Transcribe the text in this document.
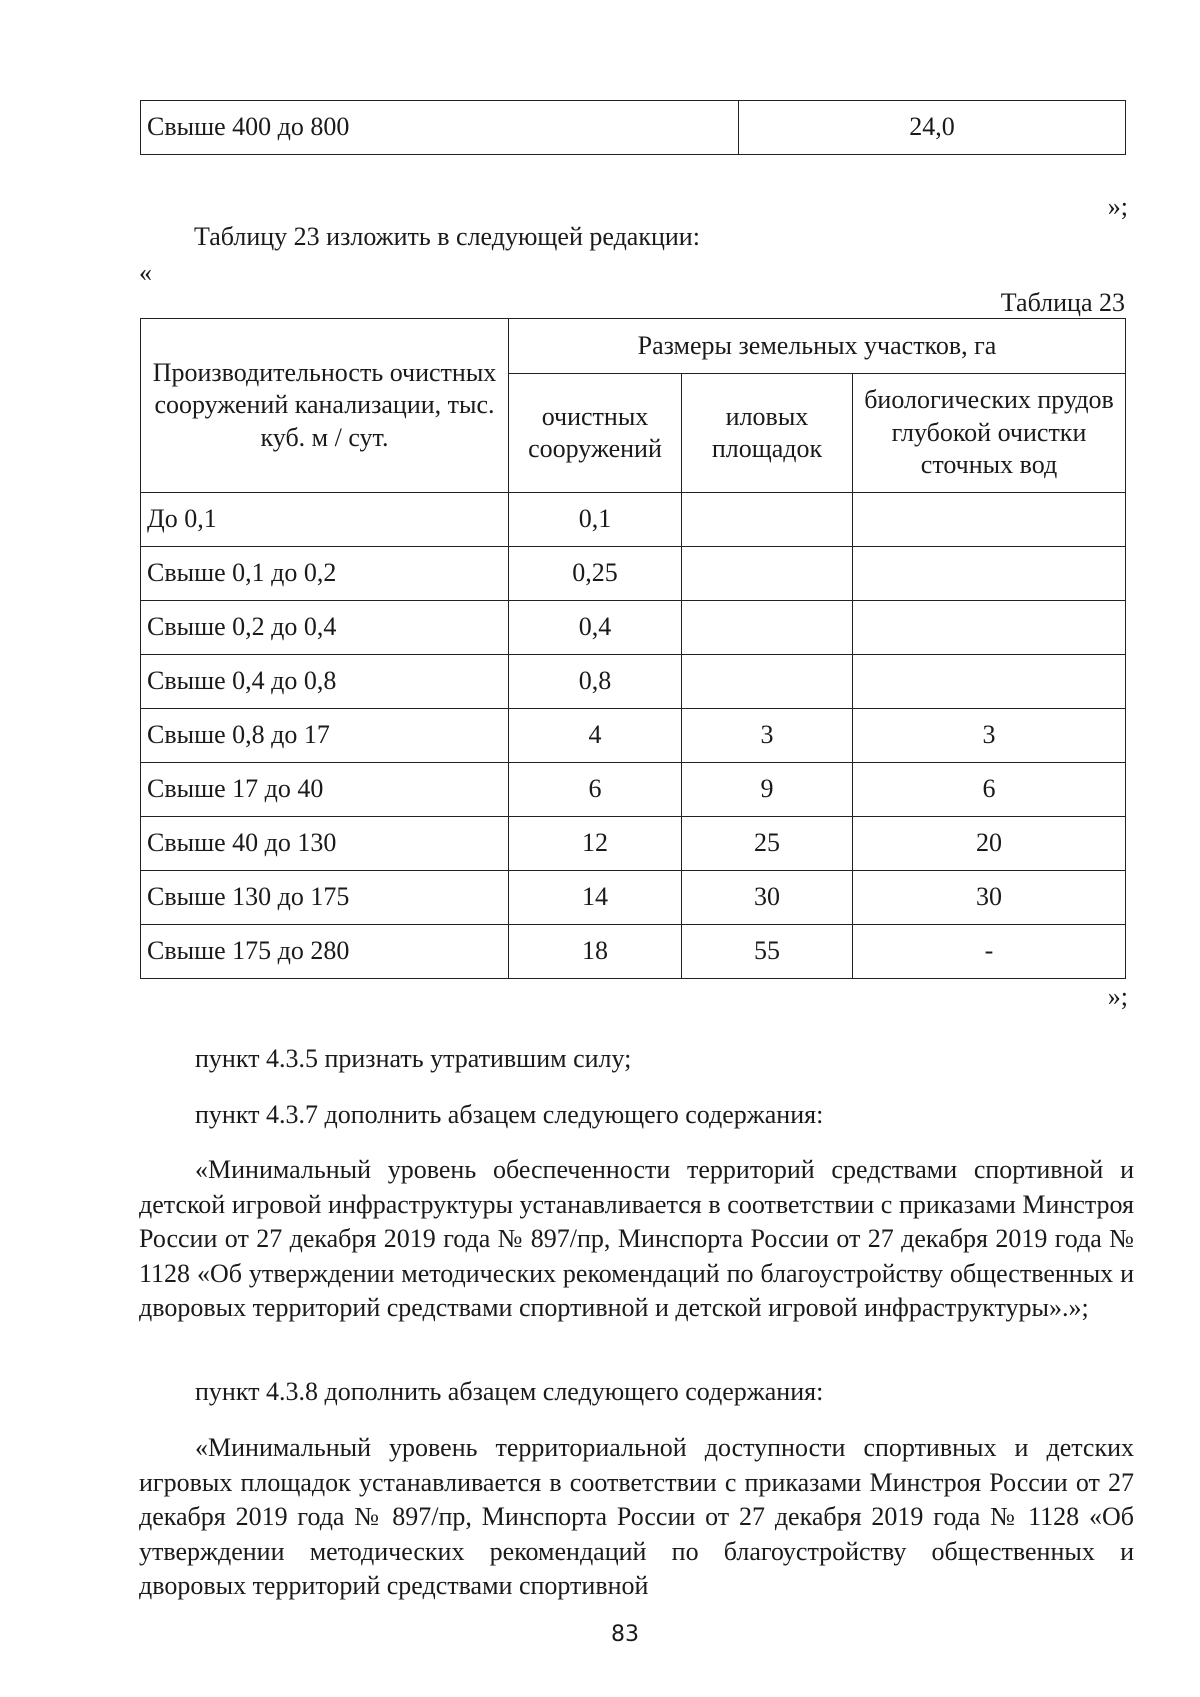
Свыше 400 до 800	24,0
»;
Таблицу 23 изложить в следующей редакции:
«
Таблица 23
Производительность очистных сооружений канализации, тыс. куб. м / сут.	Размеры земельных участков, га		
	очистных сооружений	иловых площадок	биологических прудов глубокой очистки сточных вод
До 0,1	0,1		
Свыше 0,1 до 0,2	0,25		
Свыше 0,2 до 0,4	0,4		
Свыше 0,4 до 0,8	0,8		
Свыше 0,8 до 17	4	3	3
Свыше 17 до 40	6	9	6
Свыше 40 до 130	12	25	20
Свыше 130 до 175	14	30	30
Свыше 175 до 280	18	55	-
»;

пункт 4.3.5 признать утратившим силу;

пункт 4.3.7 дополнить абзацем следующего содержания:

«Минимальный уровень обеспеченности территорий средствами спортивной и детской игровой инфраструктуры устанавливается в соответствии с приказами Минстроя России от 27 декабря 2019 года № 897/пр, Минспорта России от 27 декабря 2019 года № 1128 «Об утверждении методических рекомендаций по благоустройству общественных и дворовых территорий средствами спортивной и детской игровой инфраструктуры».»;

пункт 4.3.8 дополнить абзацем следующего содержания:

«Минимальный уровень территориальной доступности спортивных и детских игровых площадок устанавливается в соответствии с приказами Минстроя России от 27 декабря 2019 года № 897/пр, Минспорта России от 27 декабря 2019 года № 1128 «Об утверждении методических рекомендаций по благоустройству общественных и дворовых территорий средствами спортивной

83
